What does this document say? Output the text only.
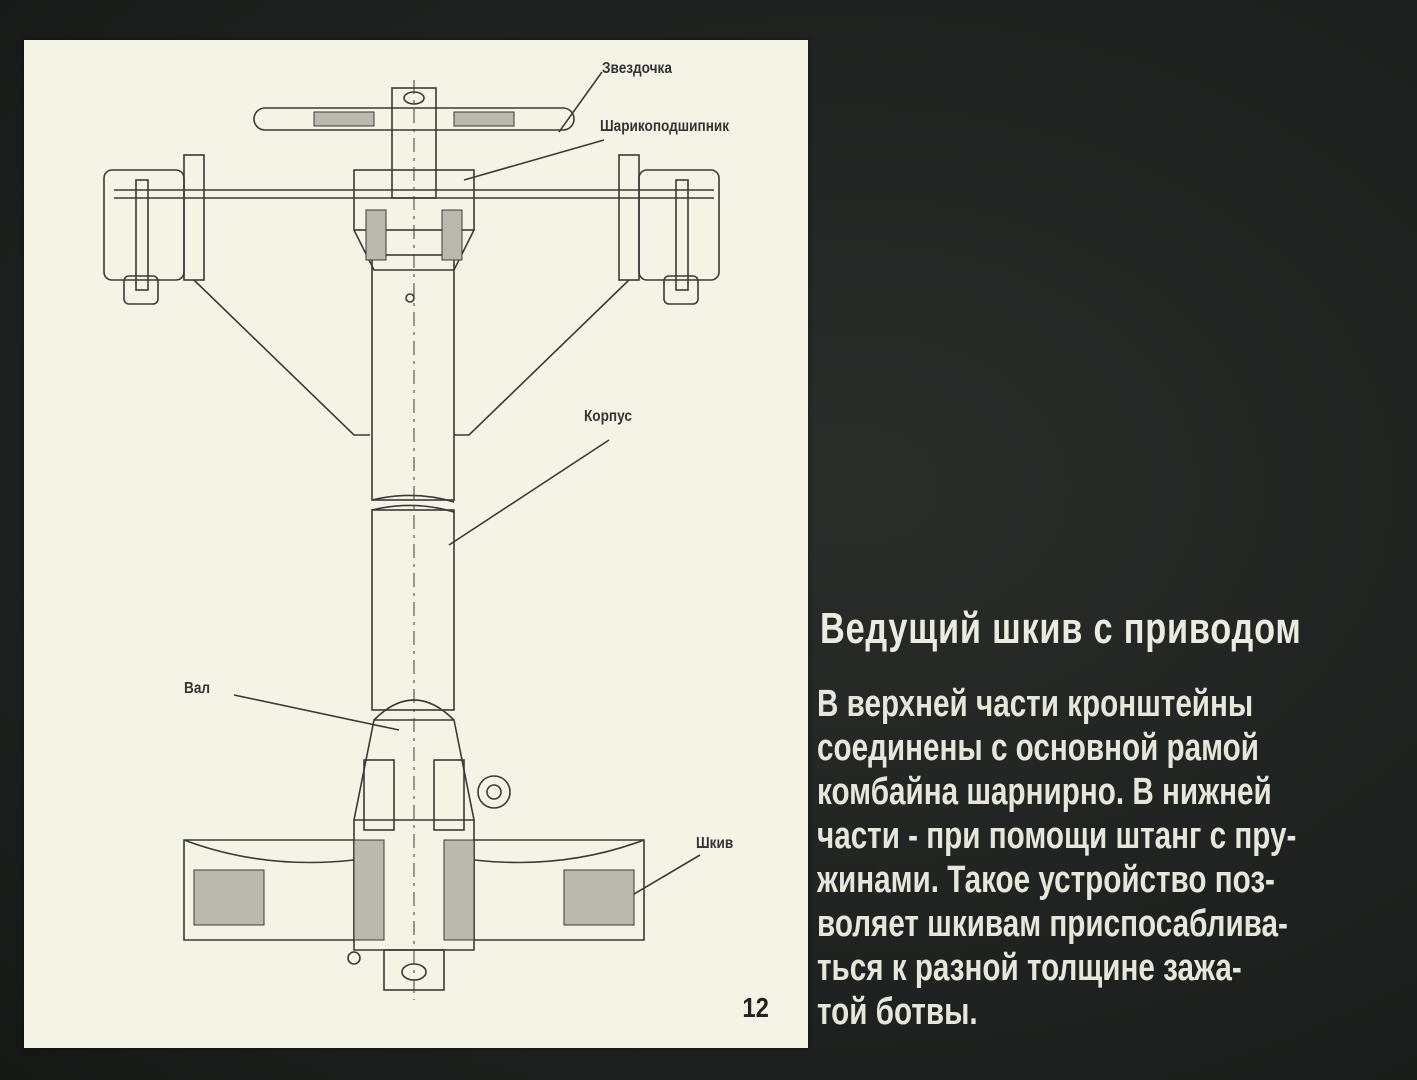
Звездочка
Шарикоподшипник
Корпус
Вал
Шкив
12
Ведущий шкив с приводом

В верхней части кронштейны

соединены с основной рамой

комбайна шарнирно. В нижней

части - при помощи штанг с пру-

жинами. Такое устройство поз-

воляет шкивам приспосаблива-

ться к разной толщине зажа-

той ботвы.
